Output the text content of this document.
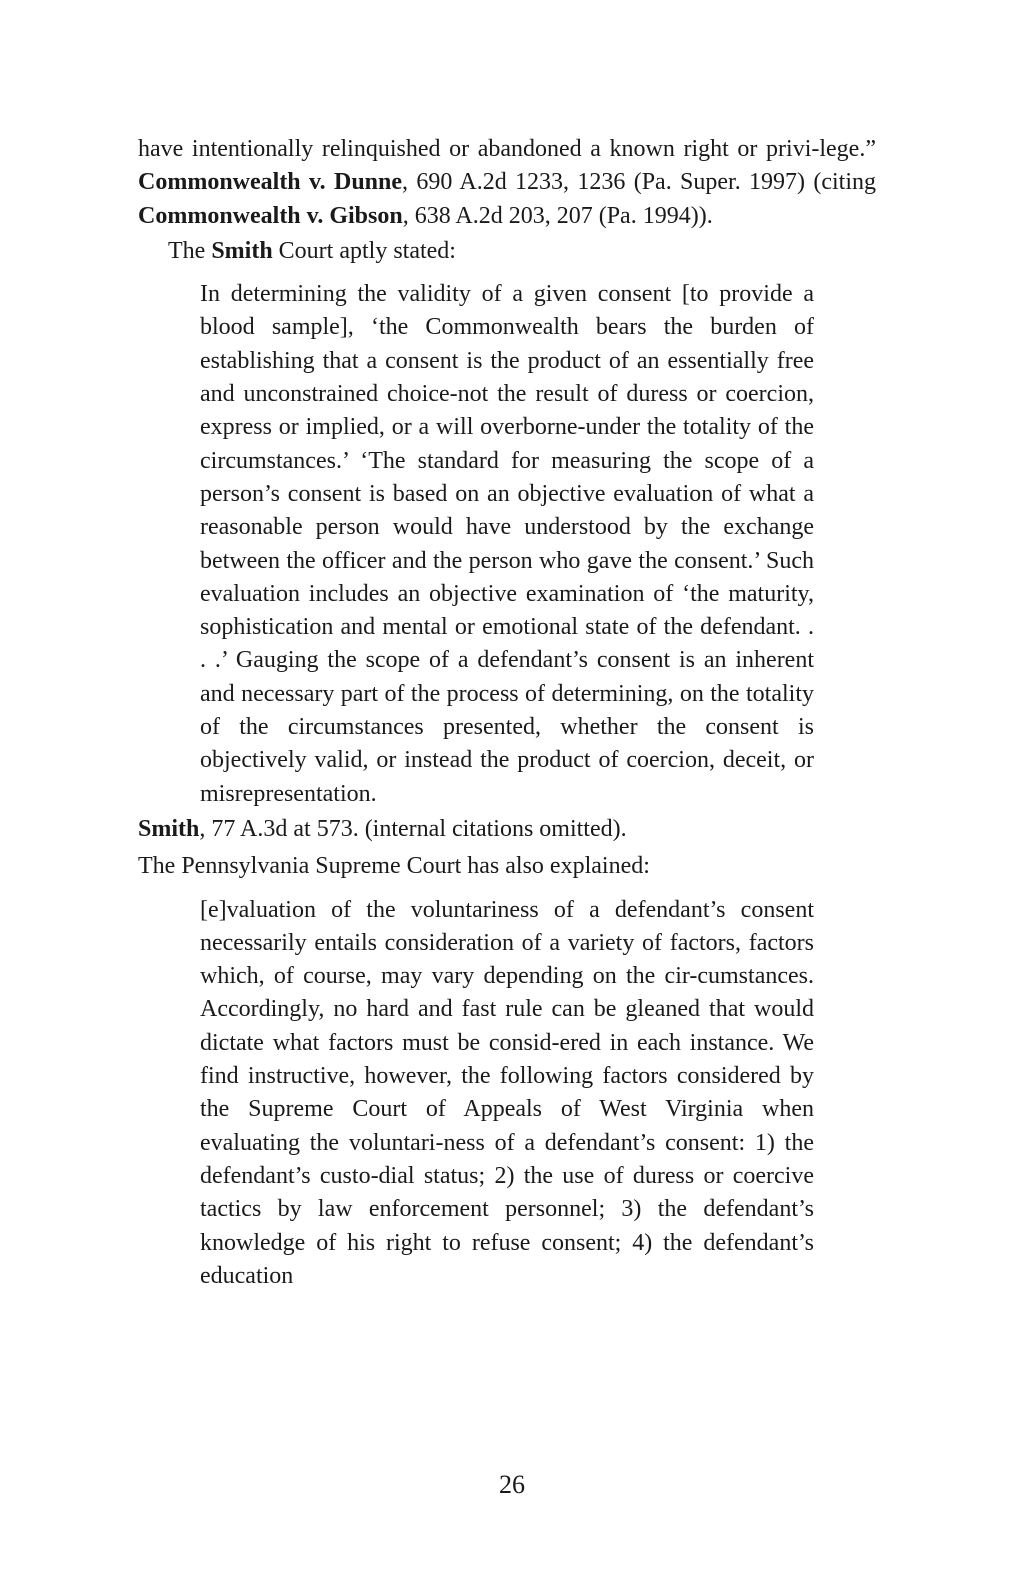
have intentionally relinquished or abandoned a known right or privi-lege.” Commonwealth v. Dunne, 690 A.2d 1233, 1236 (Pa. Super. 1997) (citing Commonwealth v. Gibson, 638 A.2d 203, 207 (Pa. 1994)).

The Smith Court aptly stated:

In determining the validity of a given consent [to provide a blood sample], ‘the Commonwealth bears the burden of establishing that a consent is the product of an essentially free and unconstrained choice-not the result of duress or coercion, express or implied, or a will overborne-under the totality of the circumstances.’ ‘The standard for measuring the scope of a person’s consent is based on an objective evaluation of what a reasonable person would have understood by the exchange between the officer and the person who gave the consent.’ Such evaluation includes an objective examination of ‘the maturity, sophistication and mental or emotional state of the defendant. . . .’ Gauging the scope of a defendant’s consent is an inherent and necessary part of the process of determining, on the totality of the circumstances presented, whether the consent is objectively valid, or instead the product of coercion, deceit, or misrepresentation.

Smith, 77 A.3d at 573. (internal citations omitted).

The Pennsylvania Supreme Court has also explained:

[e]valuation of the voluntariness of a defendant’s consent necessarily entails consideration of a variety of factors, factors which, of course, may vary depending on the cir-cumstances. Accordingly, no hard and fast rule can be gleaned that would dictate what factors must be consid-ered in each instance. We find instructive, however, the following factors considered by the Supreme Court of Appeals of West Virginia when evaluating the voluntari-ness of a defendant’s consent: 1) the defendant’s custo-dial status; 2) the use of duress or coercive tactics by law enforcement personnel; 3) the defendant’s knowledge of his right to refuse consent; 4) the defendant’s education
26
